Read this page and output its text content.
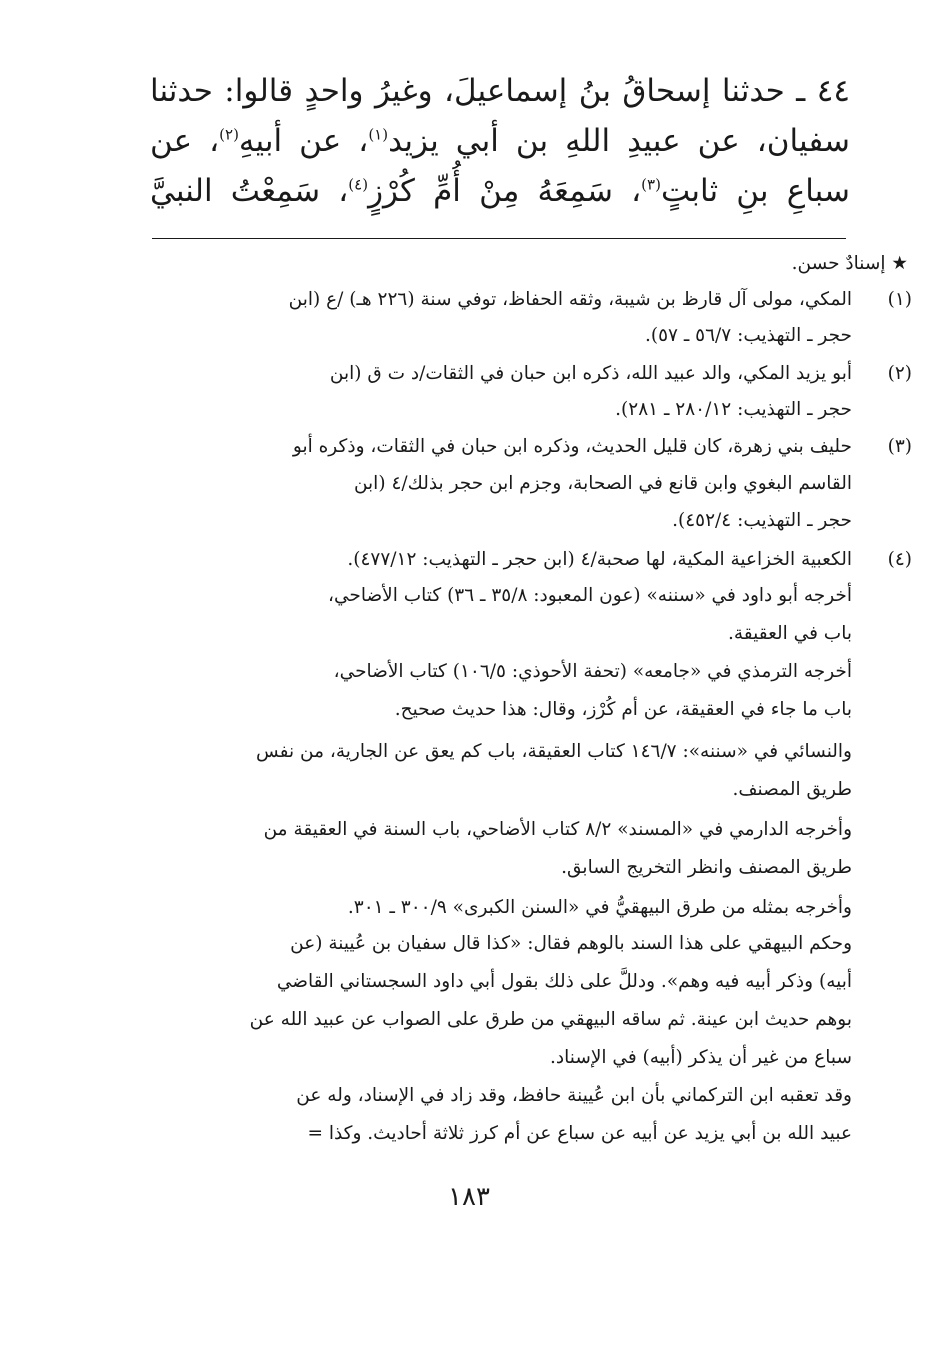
٤٤ ـ حدثنا إسحاقُ بنُ إسماعيلَ، وغيرُ واحدٍ قالوا: حدثنا
سفيان، عن عبيدِ اللهِ بن أبي يزيد$^{(١)}$، عن أبيهِ$^{(٢)}$، عن
سباعِ بنِ ثابتٍ$^{(٣)}$، سَمِعَهُ مِنْ أُمِّ كُرْزٍ$^{(٤)}$، سَمِعْتُ النبيَّ
★ إسنادٌ حسن.
(١)
المكي، مولى آل قارظ بن شيبة، وثقه الحفاظ، توفي سنة (٢٢٦ هـ) /ع (ابن
حجر ـ التهذيب: ٥٦/٧ ـ ٥٧).
(٢)
أبو يزيد المكي، والد عبيد الله، ذكره ابن حبان في الثقات/د ت ق (ابن
حجر ـ التهذيب: ٢٨٠/١٢ ـ ٢٨١).
(٣)
حليف بني زهرة، كان قليل الحديث، وذكره ابن حبان في الثقات، وذكره أبو
القاسم البغوي وابن قانع في الصحابة، وجزم ابن حجر بذلك/٤ (ابن
حجر ـ التهذيب: ٤٥٢/٤).
(٤)
الكعبية الخزاعية المكية، لها صحبة/٤ (ابن حجر ـ التهذيب: ٤٧٧/١٢).
أخرجه أبو داود في «سننه» (عون المعبود: ٣٥/٨ ـ ٣٦) كتاب الأضاحي،
باب في العقيقة.
أخرجه الترمذي في «جامعه» (تحفة الأحوذي: ١٠٦/٥) كتاب الأضاحي،
باب ما جاء في العقيقة، عن أم كُرْز، وقال: هذا حديث صحيح.
والنسائي في «سننه»: ١٤٦/٧ كتاب العقيقة، باب كم يعق عن الجارية، من نفس
طريق المصنف.
وأخرجه الدارمي في «المسند» ٨/٢ كتاب الأضاحي، باب السنة في العقيقة من
طريق المصنف وانظر التخريج السابق.
وأخرجه بمثله من طرق البيهقيُّ في «السنن الكبرى» ٣٠٠/٩ ـ ٣٠١.
وحكم البيهقي على هذا السند بالوهم فقال: «كذا قال سفيان بن عُيينة (عن
أبيه) وذكر أبيه فيه وهم». ودللَّ على ذلك بقول أبي داود السجستاني القاضي
بوهم حديث ابن عينة. ثم ساقه البيهقي من طرق على الصواب عن عبيد الله عن
سباع من غير أن يذكر (أبيه) في الإسناد.
وقد تعقبه ابن التركماني بأن ابن عُيينة حافظ، وقد زاد في الإسناد، وله عن
عبيد الله بن أبي يزيد عن أبيه عن سباع عن أم كرز ثلاثة أحاديث. وكذا =
١٨٣
